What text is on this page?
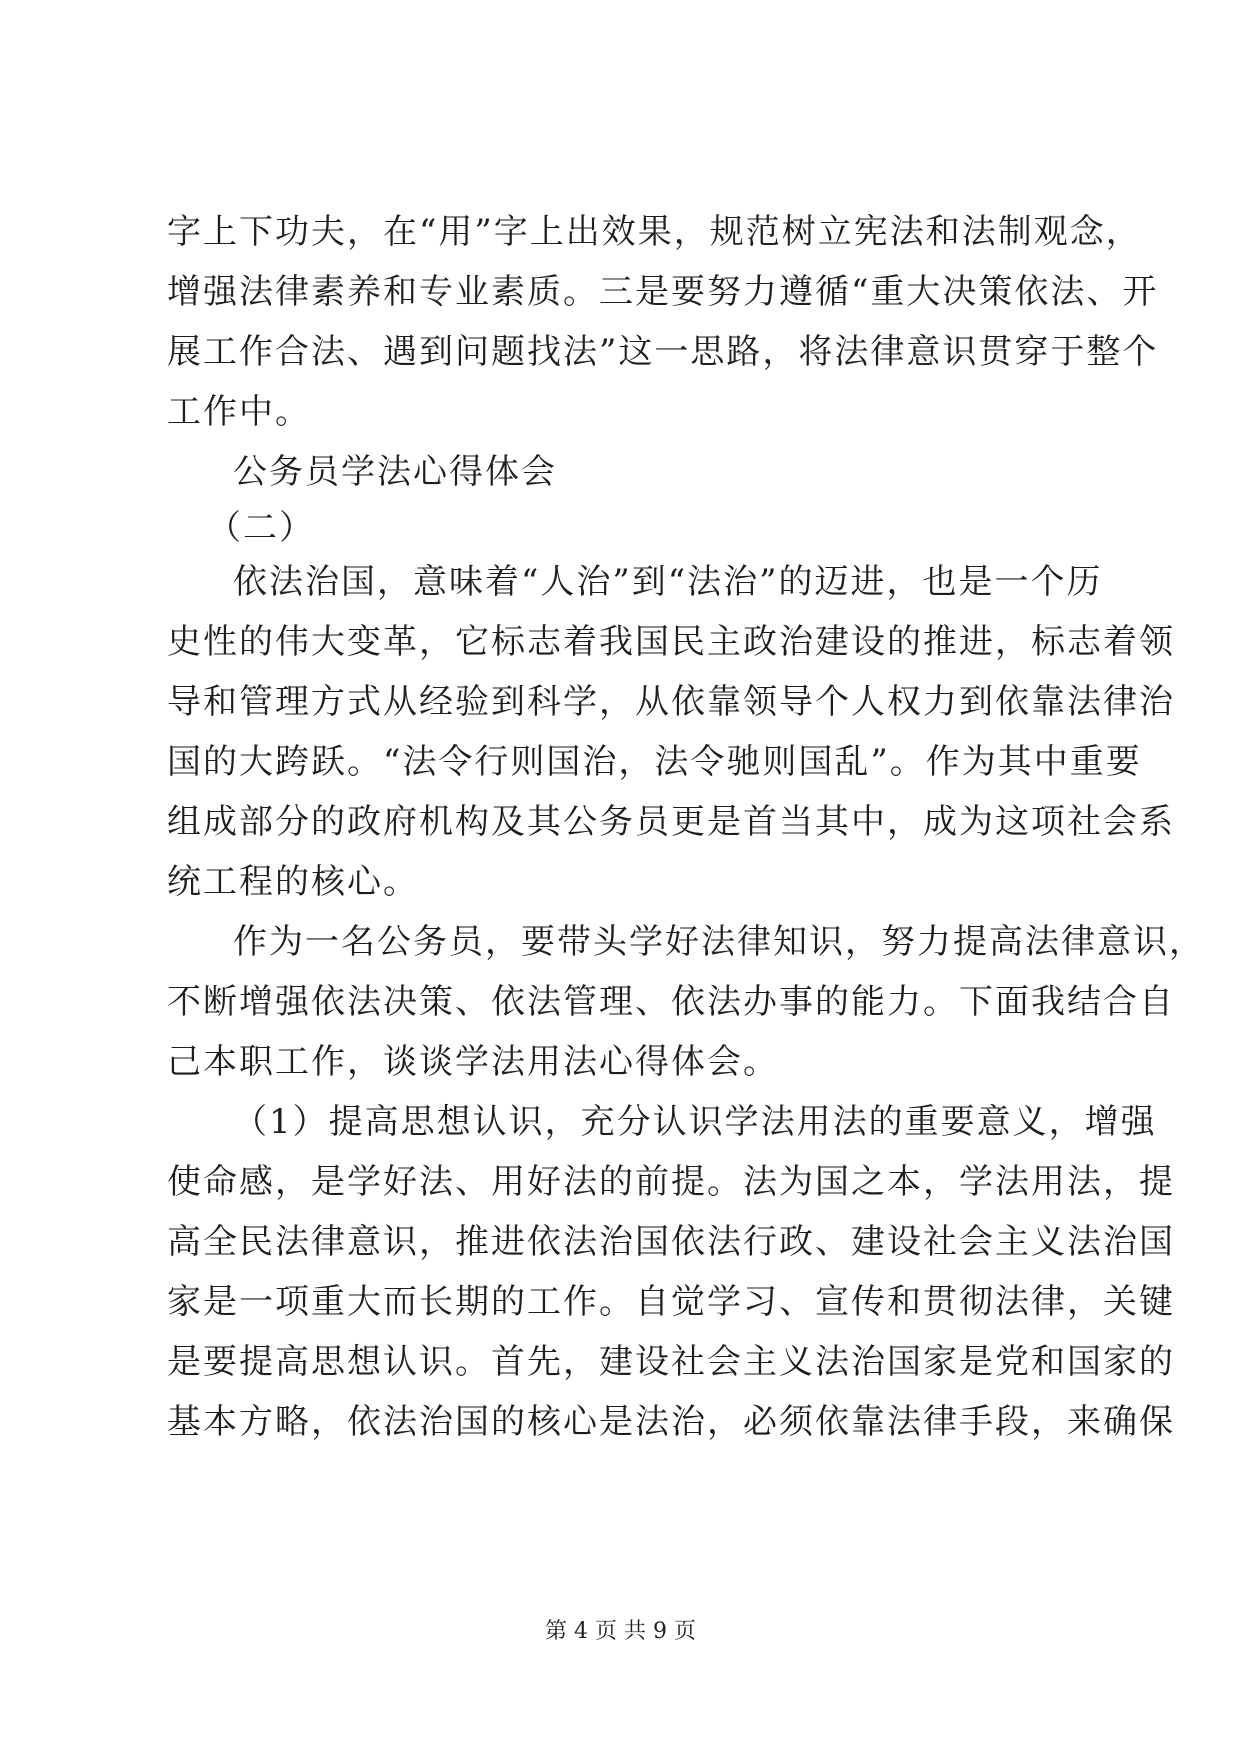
字上下功夫，在“用”字上出效果，规范树立宪法和法制观念，
增强法律素养和专业素质。三是要努力遵循“重大决策依法、开
展工作合法、遇到问题找法”这一思路，将法律意识贯穿于整个
工作中。
公务员学法心得体会
（二）
依法治国，意味着“人治”到“法治”的迈进，也是一个历
史性的伟大变革，它标志着我国民主政治建设的推进，标志着领
导和管理方式从经验到科学，从依靠领导个人权力到依靠法律治
国的大跨跃。“法令行则国治，法令驰则国乱”。作为其中重要
组成部分的政府机构及其公务员更是首当其中，成为这项社会系
统工程的核心。
作为一名公务员，要带头学好法律知识，努力提高法律意识，
不断增强依法决策、依法管理、依法办事的能力。下面我结合自
己本职工作，谈谈学法用法心得体会。
（1）提高思想认识，充分认识学法用法的重要意义，增强
使命感，是学好法、用好法的前提。法为国之本，学法用法，提
高全民法律意识，推进依法治国依法行政、建设社会主义法治国
家是一项重大而长期的工作。自觉学习、宣传和贯彻法律，关键
是要提高思想认识。首先，建设社会主义法治国家是党和国家的
基本方略，依法治国的核心是法治，必须依靠法律手段，来确保
第 4 页 共 9 页
